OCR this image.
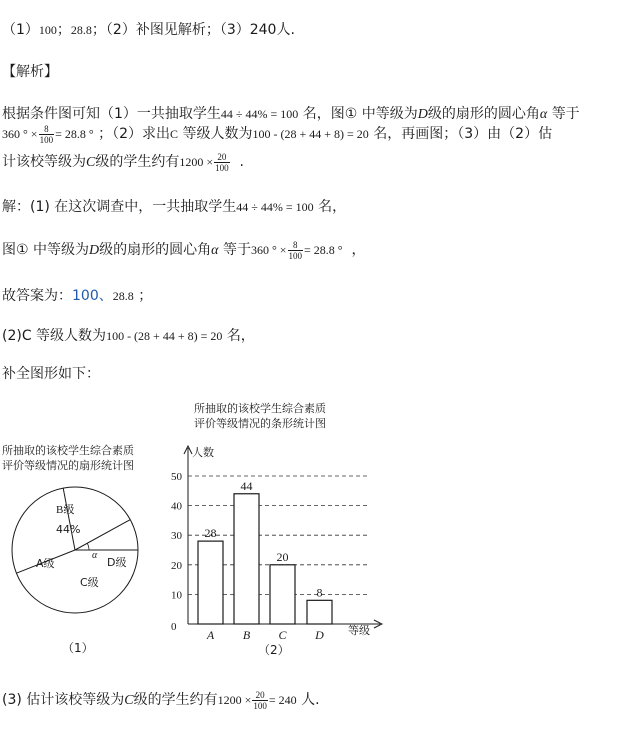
（1）100；28.8；（2）补图见解析；（3）240人.
【解析】
根据条件图可知（1）一共抽取学生44 ÷ 44% = 100 名，图① 中等级为D级的扇形的圆心角α 等于
360 ° × $\frac{8}{100} = 28.8$ ° ；（2）求出C 等级人数为100 - (28 + 44 + 8) = 20 名，再画图；（3）由（2）估
计该校等级为C级的学生约有$1200 \times \frac{20}{100}$ .
解：(1) 在这次调查中，一共抽取学生44 ÷ 44% = 100 名，
图① 中等级为D级的扇形的圆心角α 等于360 ° × $\frac{8}{100} = 28.8$ ° ，
故答案为：100、28.8 ；
(2)C 等级人数为100 - (28 + 44 + 8) = 20 名，
补全图形如下：
所抽取的该校学生综合素质
评价等级情况的扇形统计图
B级
44%
A级
C级
D级
α
（1）
所抽取的该校学生综合素质
评价等级情况的条形统计图
人数
等级
0
10
20
30
40
50
28
A
44
B
20
C
8
D
（2）
(3) 估计该校等级为C级的学生约有$1200 \times \frac{20}{100} = 240$ 人.
